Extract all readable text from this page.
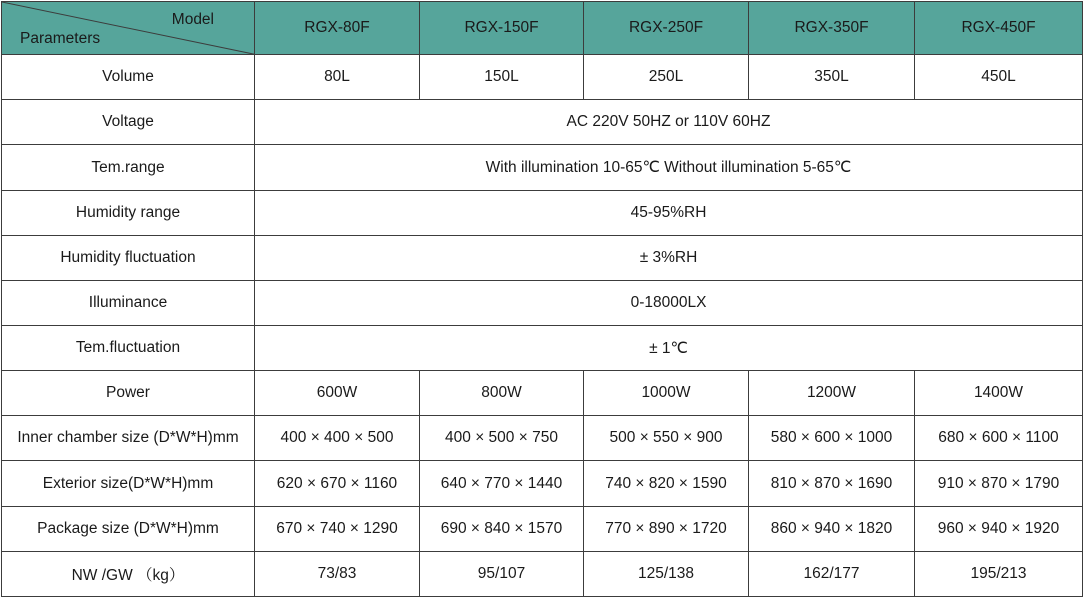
Model
Parameters	RGX-80F	RGX-150F	RGX-250F	RGX-350F	RGX-450F
Volume	80L	150L	250L	350L	450L
Voltage	AC 220V 50HZ or 110V 60HZ				
Tem.range	With illumination 10-65℃ Without illumination 5-65℃				
Humidity range	45-95%RH				
Humidity fluctuation	± 3%RH				
Illuminance	0-18000LX				
Tem.fluctuation	± 1℃				
Power	600W	800W	1000W	1200W	1400W
Inner chamber size (D*W*H)mm	400 × 400 × 500	400 × 500 × 750	500 × 550 × 900	580 × 600 × 1000	680 × 600 × 1100
Exterior size(D*W*H)mm	620 × 670 × 1160	640 × 770 × 1440	740 × 820 × 1590	810 × 870 × 1690	910 × 870 × 1790
Package size (D*W*H)mm	670 × 740 × 1290	690 × 840 × 1570	770 × 890 × 1720	860 × 940 × 1820	960 × 940 × 1920
NW /GW （kg）	73/83	95/107	125/138	162/177	195/213
